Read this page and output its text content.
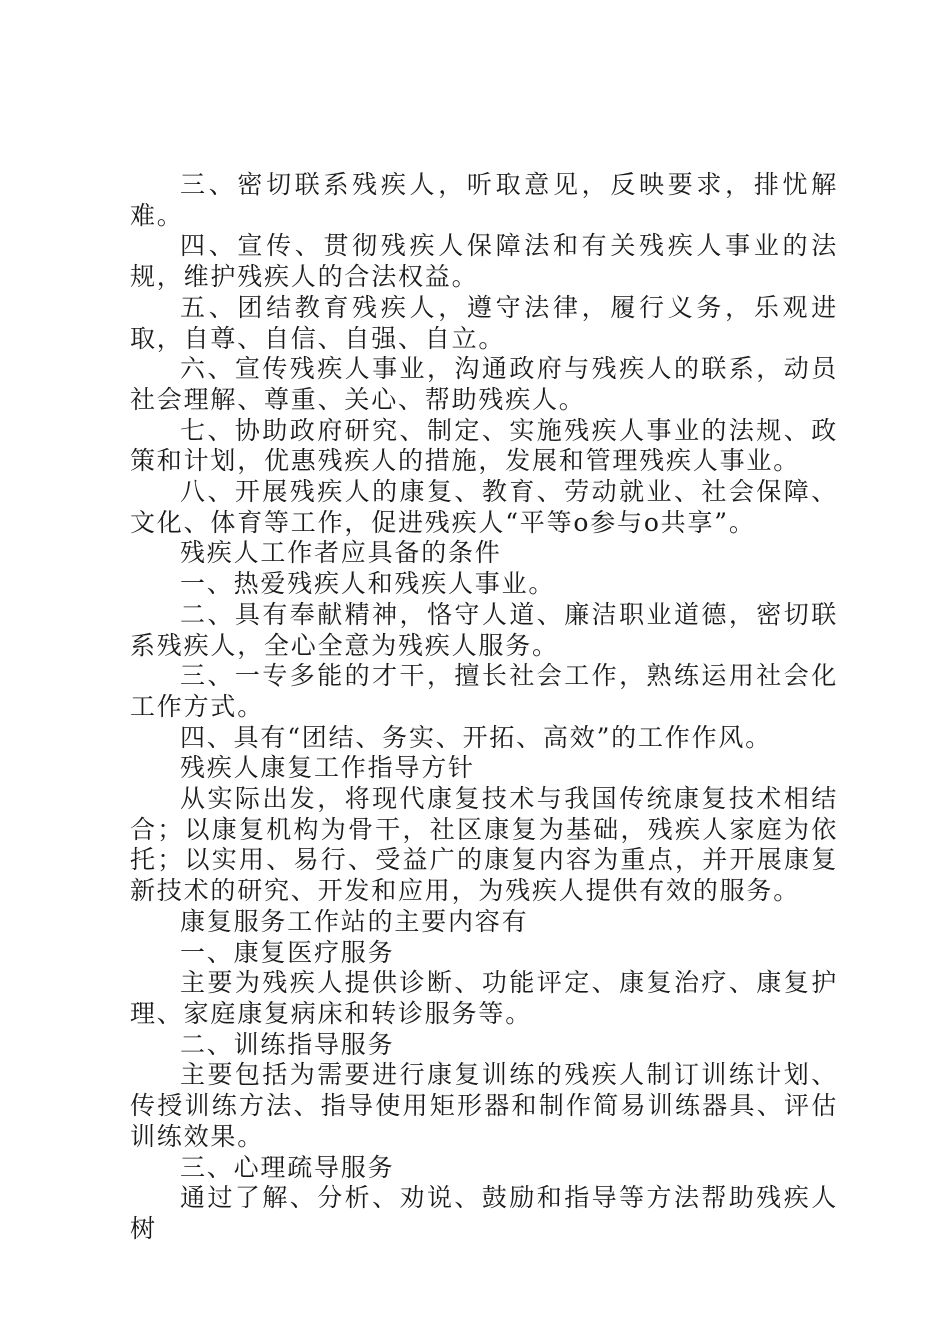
三、密切联系残疾人，听取意见，反映要求，排忧解难。

四、宣传、贯彻残疾人保障法和有关残疾人事业的法规，维护残疾人的合法权益。

五、团结教育残疾人，遵守法律，履行义务，乐观进取，自尊、自信、自强、自立。

六、宣传残疾人事业，沟通政府与残疾人的联系，动员社会理解、尊重、关心、帮助残疾人。

七、协助政府研究、制定、实施残疾人事业的法规、政策和计划，优惠残疾人的措施，发展和管理残疾人事业。

八、开展残疾人的康复、教育、劳动就业、社会保障、文化、体育等工作，促进残疾人“平等o参与o共享”。

残疾人工作者应具备的条件

一、热爱残疾人和残疾人事业。

二、具有奉献精神，恪守人道、廉洁职业道德，密切联系残疾人，全心全意为残疾人服务。

三、一专多能的才干，擅长社会工作，熟练运用社会化工作方式。

四、具有“团结、务实、开拓、高效”的工作作风。

残疾人康复工作指导方针

从实际出发，将现代康复技术与我国传统康复技术相结合；以康复机构为骨干，社区康复为基础，残疾人家庭为依托；以实用、易行、受益广的康复内容为重点，并开展康复新技术的研究、开发和应用，为残疾人提供有效的服务。

康复服务工作站的主要内容有

一、康复医疗服务

主要为残疾人提供诊断、功能评定、康复治疗、康复护理、家庭康复病床和转诊服务等。

二、训练指导服务

主要包括为需要进行康复训练的残疾人制订训练计划、传授训练方法、指导使用矩形器和制作简易训练器具、评估训练效果。

三、心理疏导服务

通过了解、分析、劝说、鼓励和指导等方法帮助残疾人树
